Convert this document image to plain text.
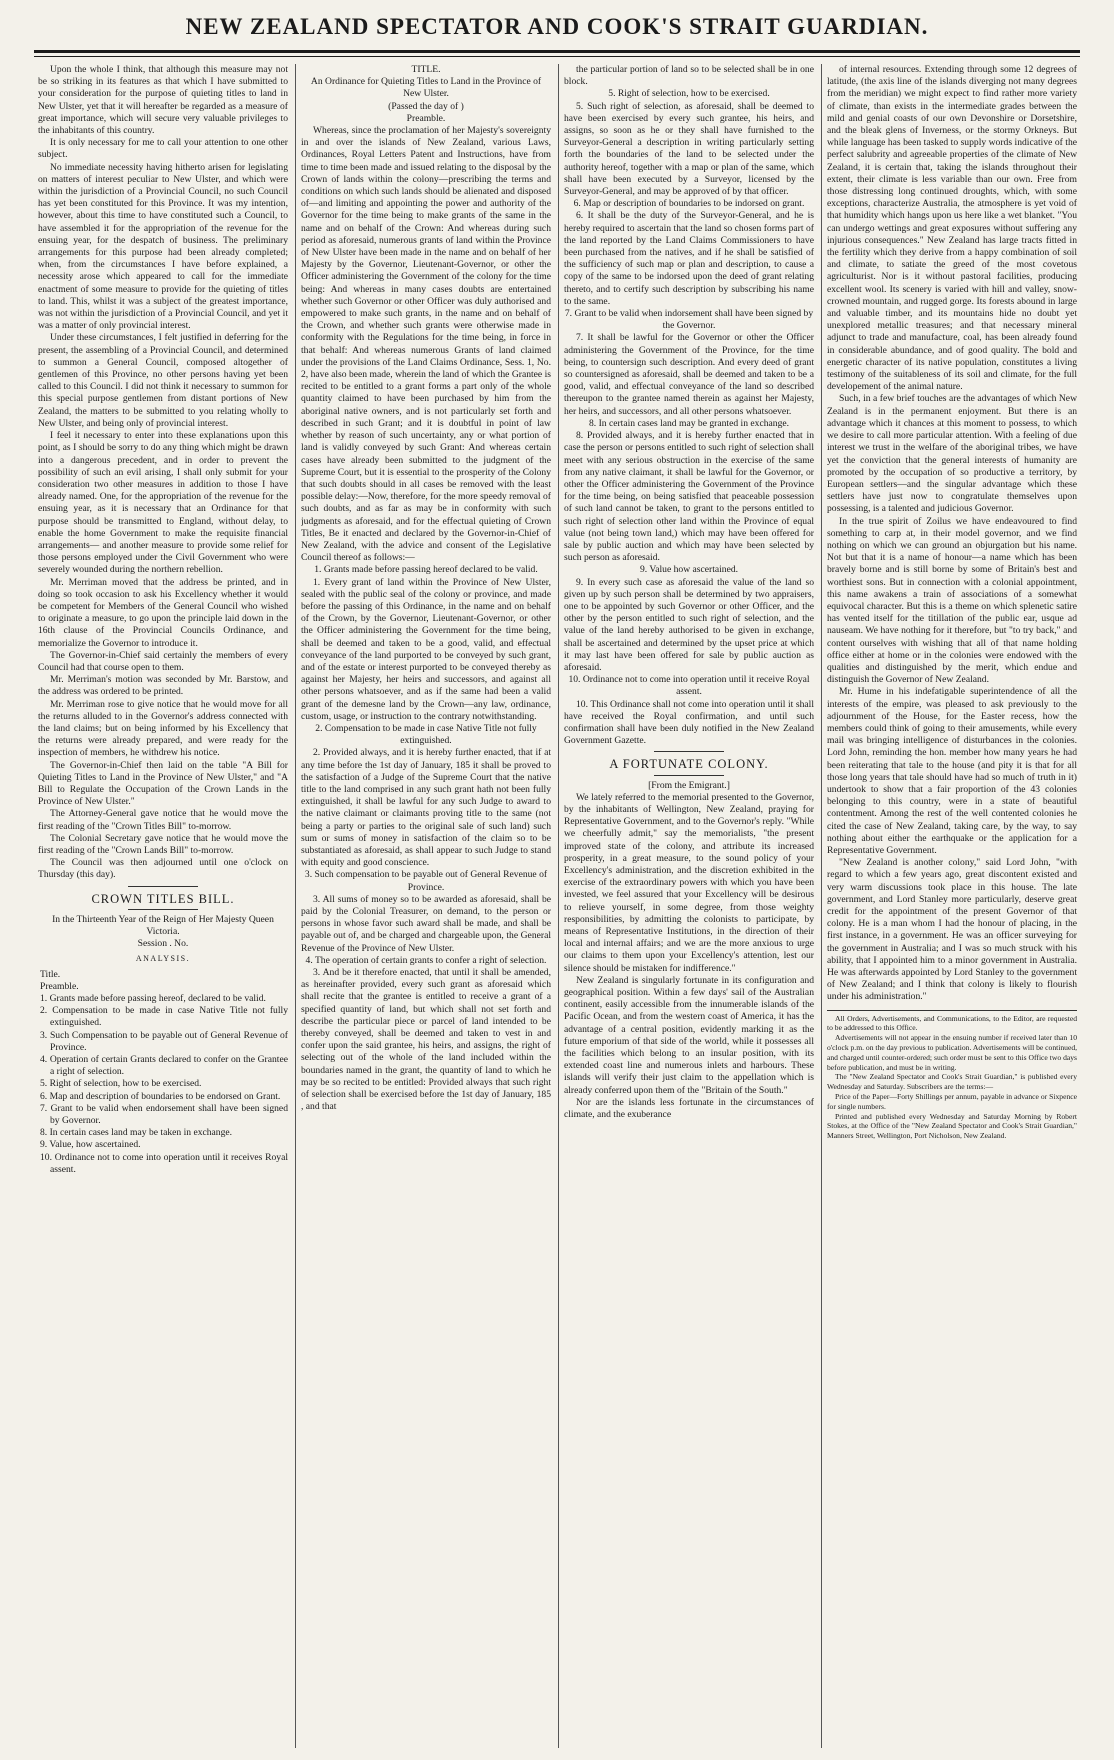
NEW ZEALAND SPECTATOR AND COOK'S STRAIT GUARDIAN.

Upon the whole I think, that although this measure may not be so striking in its features as that which I have submitted to your consideration for the purpose of quieting titles to land in New Ulster, yet that it will hereafter be regarded as a measure of great importance, which will secure very valuable privileges to the inhabitants of this country.

It is only necessary for me to call your attention to one other subject.

No immediate necessity having hitherto arisen for legislating on matters of interest peculiar to New Ulster, and which were within the jurisdiction of a Provincial Council, no such Council has yet been constituted for this Province. It was my intention, however, about this time to have constituted such a Council, to have assembled it for the appropriation of the revenue for the ensuing year, for the despatch of business. The preliminary arrangements for this purpose had been already completed; when, from the circumstances I have before explained, a necessity arose which appeared to call for the immediate enactment of some measure to provide for the quieting of titles to land. This, whilst it was a subject of the greatest importance, was not within the jurisdiction of a Provincial Council, and yet it was a matter of only provincial interest.

Under these circumstances, I felt justified in deferring for the present, the assembling of a Provincial Council, and determined to summon a General Council, composed altogether of gentlemen of this Province, no other persons having yet been called to this Council. I did not think it necessary to summon for this special purpose gentlemen from distant portions of New Zealand, the matters to be submitted to you relating wholly to New Ulster, and being only of provincial interest.

I feel it necessary to enter into these explanations upon this point, as I should be sorry to do any thing which might be drawn into a dangerous precedent, and in order to prevent the possibility of such an evil arising, I shall only submit for your consideration two other measures in addition to those I have already named. One, for the appropriation of the revenue for the ensuing year, as it is necessary that an Ordinance for that purpose should be transmitted to England, without delay, to enable the home Government to make the requisite financial arrangements— and another measure to provide some relief for those persons employed under the Civil Government who were severely wounded during the northern rebellion.

Mr. Merriman moved that the address be printed, and in doing so took occasion to ask his Excellency whether it would be competent for Members of the General Council who wished to originate a measure, to go upon the principle laid down in the 16th clause of the Provincial Councils Ordinance, and memorialize the Governor to introduce it.

The Governor-in-Chief said certainly the members of every Council had that course open to them.

Mr. Merriman's motion was seconded by Mr. Barstow, and the address was ordered to be printed.

Mr. Merriman rose to give notice that he would move for all the returns alluded to in the Governor's address connected with the land claims; but on being informed by his Excellency that the returns were already prepared, and were ready for the inspection of members, he withdrew his notice.

The Governor-in-Chief then laid on the table "A Bill for Quieting Titles to Land in the Province of New Ulster," and "A Bill to Regulate the Occupation of the Crown Lands in the Province of New Ulster."

The Attorney-General gave notice that he would move the first reading of the "Crown Titles Bill" to-morrow.

The Colonial Secretary gave notice that he would move the first reading of the "Crown Lands Bill" to-morrow.

The Council was then adjourned until one o'clock on Thursday (this day).

CROWN TITLES BILL.

In the Thirteenth Year of the Reign of Her Majesty Queen Victoria.

Session . No.

ANALYSIS.

Title.

Preamble.

1. Grants made before passing hereof, declared to be valid.

2. Compensation to be made in case Native Title not fully extinguished.

3. Such Compensation to be payable out of General Revenue of Province.

4. Operation of certain Grants declared to confer on the Grantee a right of selection.

5. Right of selection, how to be exercised.

6. Map and description of boundaries to be endorsed on Grant.

7. Grant to be valid when endorsement shall have been signed by Governor.

8. In certain cases land may be taken in exchange.

9. Value, how ascertained.

10. Ordinance not to come into operation until it receives Royal assent.

TITLE.

An Ordinance for Quieting Titles to Land in the Province of New Ulster.

(Passed the day of )

Preamble.

Whereas, since the proclamation of her Majesty's sovereignty in and over the islands of New Zealand, various Laws, Ordinances, Royal Letters Patent and Instructions, have from time to time been made and issued relating to the disposal by the Crown of lands within the colony—prescribing the terms and conditions on which such lands should be alienated and disposed of—and limiting and appointing the power and authority of the Governor for the time being to make grants of the same in the name and on behalf of the Crown: And whereas during such period as aforesaid, numerous grants of land within the Province of New Ulster have been made in the name and on behalf of her Majesty by the Governor, Lieutenant-Governor, or other the Officer administering the Government of the colony for the time being: And whereas in many cases doubts are entertained whether such Governor or other Officer was duly authorised and empowered to make such grants, in the name and on behalf of the Crown, and whether such grants were otherwise made in conformity with the Regulations for the time being, in force in that behalf: And whereas numerous Grants of land claimed under the provisions of the Land Claims Ordinance, Sess. 1, No. 2, have also been made, wherein the land of which the Grantee is recited to be entitled to a grant forms a part only of the whole quantity claimed to have been purchased by him from the aboriginal native owners, and is not particularly set forth and described in such Grant; and it is doubtful in point of law whether by reason of such uncertainty, any or what portion of land is validly conveyed by such Grant: And whereas certain cases have already been submitted to the judgment of the Supreme Court, but it is essential to the prosperity of the Colony that such doubts should in all cases be removed with the least possible delay:—Now, therefore, for the more speedy removal of such doubts, and as far as may be in conformity with such judgments as aforesaid, and for the effectual quieting of Crown Titles, Be it enacted and declared by the Governor-in-Chief of New Zealand, with the advice and consent of the Legislative Council thereof as follows:—

1. Grants made before passing hereof declared to be valid.

1. Every grant of land within the Province of New Ulster, sealed with the public seal of the colony or province, and made before the passing of this Ordinance, in the name and on behalf of the Crown, by the Governor, Lieutenant-Governor, or other the Officer administering the Government for the time being, shall be deemed and taken to be a good, valid, and effectual conveyance of the land purported to be conveyed by such grant, and of the estate or interest purported to be conveyed thereby as against her Majesty, her heirs and successors, and against all other persons whatsoever, and as if the same had been a valid grant of the demesne land by the Crown—any law, ordinance, custom, usage, or instruction to the contrary notwithstanding.

2. Compensation to be made in case Native Title not fully extinguished.

2. Provided always, and it is hereby further enacted, that if at any time before the 1st day of January, 185 it shall be proved to the satisfaction of a Judge of the Supreme Court that the native title to the land comprised in any such grant hath not been fully extinguished, it shall be lawful for any such Judge to award to the native claimant or claimants proving title to the same (not being a party or parties to the original sale of such land) such sum or sums of money in satisfaction of the claim so to be substantiated as aforesaid, as shall appear to such Judge to stand with equity and good conscience.

3. Such compensation to be payable out of General Revenue of Province.

3. All sums of money so to be awarded as aforesaid, shall be paid by the Colonial Treasurer, on demand, to the person or persons in whose favor such award shall be made, and shall be payable out of, and be charged and chargeable upon, the General Revenue of the Province of New Ulster.

4. The operation of certain grants to confer a right of selection.

3. And be it therefore enacted, that until it shall be amended, as hereinafter provided, every such grant as aforesaid which shall recite that the grantee is entitled to receive a grant of a specified quantity of land, but which shall not set forth and describe the particular piece or parcel of land intended to be thereby conveyed, shall be deemed and taken to vest in and confer upon the said grantee, his heirs, and assigns, the right of selecting out of the whole of the land included within the boundaries named in the grant, the quantity of land to which he may be so recited to be entitled: Provided always that such right of selection shall be exercised before the 1st day of January, 185 , and that

the particular portion of land so to be selected shall be in one block.

5. Right of selection, how to be exercised.

5. Such right of selection, as aforesaid, shall be deemed to have been exercised by every such grantee, his heirs, and assigns, so soon as he or they shall have furnished to the Surveyor-General a description in writing particularly setting forth the boundaries of the land to be selected under the authority hereof, together with a map or plan of the same, which shall have been executed by a Surveyor, licensed by the Surveyor-General, and may be approved of by that officer.

6. Map or description of boundaries to be indorsed on grant.

6. It shall be the duty of the Surveyor-General, and he is hereby required to ascertain that the land so chosen forms part of the land reported by the Land Claims Commissioners to have been purchased from the natives, and if he shall be satisfied of the sufficiency of such map or plan and description, to cause a copy of the same to be indorsed upon the deed of grant relating thereto, and to certify such description by subscribing his name to the same.

7. Grant to be valid when indorsement shall have been signed by the Governor.

7. It shall be lawful for the Governor or other the Officer administering the Government of the Province, for the time being, to countersign such description. And every deed of grant so countersigned as aforesaid, shall be deemed and taken to be a good, valid, and effectual conveyance of the land so described thereupon to the grantee named therein as against her Majesty, her heirs, and successors, and all other persons whatsoever.

8. In certain cases land may be granted in exchange.

8. Provided always, and it is hereby further enacted that in case the person or persons entitled to such right of selection shall meet with any serious obstruction in the exercise of the same from any native claimant, it shall be lawful for the Governor, or other the Officer administering the Government of the Province for the time being, on being satisfied that peaceable possession of such land cannot be taken, to grant to the persons entitled to such right of selection other land within the Province of equal value (not being town land,) which may have been offered for sale by public auction and which may have been selected by such person as aforesaid.

9. Value how ascertained.

9. In every such case as aforesaid the value of the land so given up by such person shall be determined by two appraisers, one to be appointed by such Governor or other Officer, and the other by the person entitled to such right of selection, and the value of the land hereby authorised to be given in exchange, shall be ascertained and determined by the upset price at which it may last have been offered for sale by public auction as aforesaid.

10. Ordinance not to come into operation until it receive Royal assent.

10. This Ordinance shall not come into operation until it shall have received the Royal confirmation, and until such confirmation shall have been duly notified in the New Zealand Government Gazette.

A FORTUNATE COLONY.

[From the Emigrant.]

We lately referred to the memorial presented to the Governor, by the inhabitants of Wellington, New Zealand, praying for Representative Government, and to the Governor's reply. "While we cheerfully admit," say the memorialists, "the present improved state of the colony, and attribute its increased prosperity, in a great measure, to the sound policy of your Excellency's administration, and the discretion exhibited in the exercise of the extraordinary powers with which you have been invested, we feel assured that your Excellency will be desirous to relieve yourself, in some degree, from those weighty responsibilities, by admitting the colonists to participate, by means of Representative Institutions, in the direction of their local and internal affairs; and we are the more anxious to urge our claims to them upon your Excellency's attention, lest our silence should be mistaken for indifference."

New Zealand is singularly fortunate in its configuration and geographical position. Within a few days' sail of the Australian continent, easily accessible from the innumerable islands of the Pacific Ocean, and from the western coast of America, it has the advantage of a central position, evidently marking it as the future emporium of that side of the world, while it possesses all the facilities which belong to an insular position, with its extended coast line and numerous inlets and harbours. These islands will verify their just claim to the appellation which is already conferred upon them of the "Britain of the South."

Nor are the islands less fortunate in the circumstances of climate, and the exuberance

of internal resources. Extending through some 12 degrees of latitude, (the axis line of the islands diverging not many degrees from the meridian) we might expect to find rather more variety of climate, than exists in the intermediate grades between the mild and genial coasts of our own Devonshire or Dorsetshire, and the bleak glens of Inverness, or the stormy Orkneys. But while language has been tasked to supply words indicative of the perfect salubrity and agreeable properties of the climate of New Zealand, it is certain that, taking the islands throughout their extent, their climate is less variable than our own. Free from those distressing long continued droughts, which, with some exceptions, characterize Australia, the atmosphere is yet void of that humidity which hangs upon us here like a wet blanket. "You can undergo wettings and great exposures without suffering any injurious consequences." New Zealand has large tracts fitted in the fertility which they derive from a happy combination of soil and climate, to satiate the greed of the most covetous agriculturist. Nor is it without pastoral facilities, producing excellent wool. Its scenery is varied with hill and valley, snow-crowned mountain, and rugged gorge. Its forests abound in large and valuable timber, and its mountains hide no doubt yet unexplored metallic treasures; and that necessary mineral adjunct to trade and manufacture, coal, has been already found in considerable abundance, and of good quality. The bold and energetic character of its native population, constitutes a living testimony of the suitableness of its soil and climate, for the full developement of the animal nature.

Such, in a few brief touches are the advantages of which New Zealand is in the permanent enjoyment. But there is an advantage which it chances at this moment to possess, to which we desire to call more particular attention. With a feeling of due interest we trust in the welfare of the aboriginal tribes, we have yet the conviction that the general interests of humanity are promoted by the occupation of so productive a territory, by European settlers—and the singular advantage which these settlers have just now to congratulate themselves upon possessing, is a talented and judicious Governor.

In the true spirit of Zoilus we have endeavoured to find something to carp at, in their model governor, and we find nothing on which we can ground an objurgation but his name. Not but that it is a name of honour—a name which has been bravely borne and is still borne by some of Britain's best and worthiest sons. But in connection with a colonial appointment, this name awakens a train of associations of a somewhat equivocal character. But this is a theme on which splenetic satire has vented itself for the titillation of the public ear, usque ad nauseam. We have nothing for it therefore, but "to try back," and content ourselves with wishing that all of that name holding office either at home or in the colonies were endowed with the qualities and distinguished by the merit, which endue and distinguish the Governor of New Zealand.

Mr. Hume in his indefatigable superintendence of all the interests of the empire, was pleased to ask previously to the adjournment of the House, for the Easter recess, how the members could think of going to their amusements, while every mail was bringing intelligence of disturbances in the colonies. Lord John, reminding the hon. member how many years he had been reiterating that tale to the house (and pity it is that for all those long years that tale should have had so much of truth in it) undertook to show that a fair proportion of the 43 colonies belonging to this country, were in a state of beautiful contentment. Among the rest of the well contented colonies he cited the case of New Zealand, taking care, by the way, to say nothing about either the earthquake or the application for a Representative Government.

"New Zealand is another colony," said Lord John, "with regard to which a few years ago, great discontent existed and very warm discussions took place in this house. The late government, and Lord Stanley more particularly, deserve great credit for the appointment of the present Governor of that colony. He is a man whom I had the honour of placing, in the first instance, in a government. He was an officer surveying for the government in Australia; and I was so much struck with his ability, that I appointed him to a minor government in Australia. He was afterwards appointed by Lord Stanley to the government of New Zealand; and I think that colony is likely to flourish under his administration."

All Orders, Advertisements, and Communications, to the Editor, are requested to be addressed to this Office.

Advertisements will not appear in the ensuing number if received later than 10 o'clock p.m. on the day previous to publication. Advertisements will be continued, and charged until counter-ordered; such order must be sent to this Office two days before publication, and must be in writing.

The "New Zealand Spectator and Cook's Strait Guardian," is published every Wednesday and Saturday. Subscribers are the terms:—

Price of the Paper—Forty Shillings per annum, payable in advance or Sixpence for single numbers.

Printed and published every Wednesday and Saturday Morning by Robert Stokes, at the Office of the "New Zealand Spectator and Cook's Strait Guardian," Manners Street, Wellington, Port Nicholson, New Zealand.
